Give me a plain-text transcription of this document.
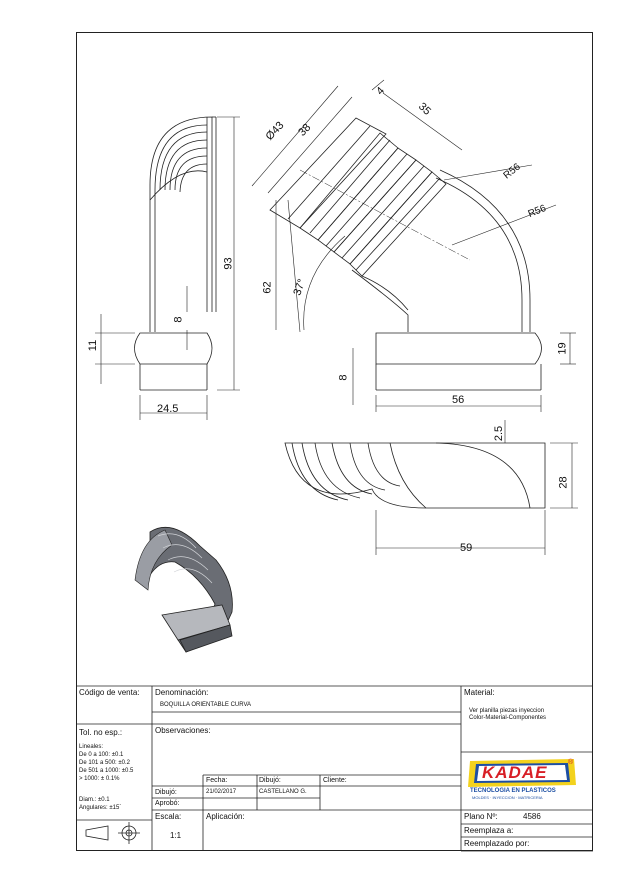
Ø43 38
4
35
R56
R56
93
62 37°
8
11
24.5
8
56
19
2.5
28
59
Código de venta: Denominación:
BOQUILLA ORIENTABLE CURVA
Material:
Ver planilla piezas inyeccion
Color-Material-Componentes
Tol. no esp.:
Lineales:
De 0 a 100: ±0.1
De 101 a 500: ±0.2
De 501 a 1000: ±0.5
> 1000: ± 0.1%
Diam.: ±0.1
Angulares: ±15´
Observaciones:
Fecha:	Dibujó:	Cliente:
Dibujó:	21/02/2017	CASTELLANO G.
Aprobó:
Escala:
1:1
Aplicación:	Plano Nº:	4586
Reemplaza a:
Reemplazado por:
KADAE
®
TECNOLOGIA EN PLASTICOS
MOLDES · INYECCION · MATRICERIA
